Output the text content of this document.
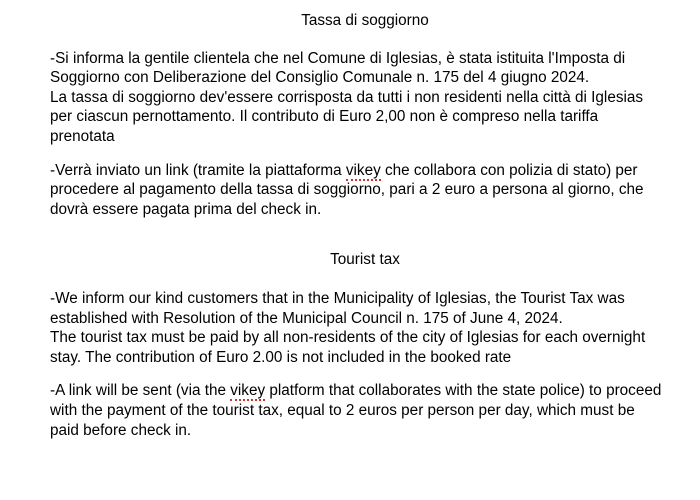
Tassa di soggiorno
-Si informa la gentile clientela che nel Comune di Iglesias, è stata istituita l'Imposta di
Soggiorno con Deliberazione del Consiglio Comunale n. 175 del 4 giugno 2024.
La tassa di soggiorno dev'essere corrisposta da tutti i non residenti nella città di Iglesias
per ciascun pernottamento. Il contributo di Euro 2,00 non è compreso nella tariffa
prenotata
-Verrà inviato un link (tramite la piattaforma vikey che collabora con polizia di stato) per
procedere al pagamento della tassa di soggiorno, pari a 2 euro a persona al giorno, che
dovrà essere pagata prima del check in.
Tourist tax
-We inform our kind customers that in the Municipality of Iglesias, the Tourist Tax was
established with Resolution of the Municipal Council n. 175 of June 4, 2024.
The tourist tax must be paid by all non-residents of the city of Iglesias for each overnight
stay. The contribution of Euro 2.00 is not included in the booked rate
-A link will be sent (via the vikey platform that collaborates with the state police) to proceed
with the payment of the tourist tax, equal to 2 euros per person per day, which must be
paid before check in.
